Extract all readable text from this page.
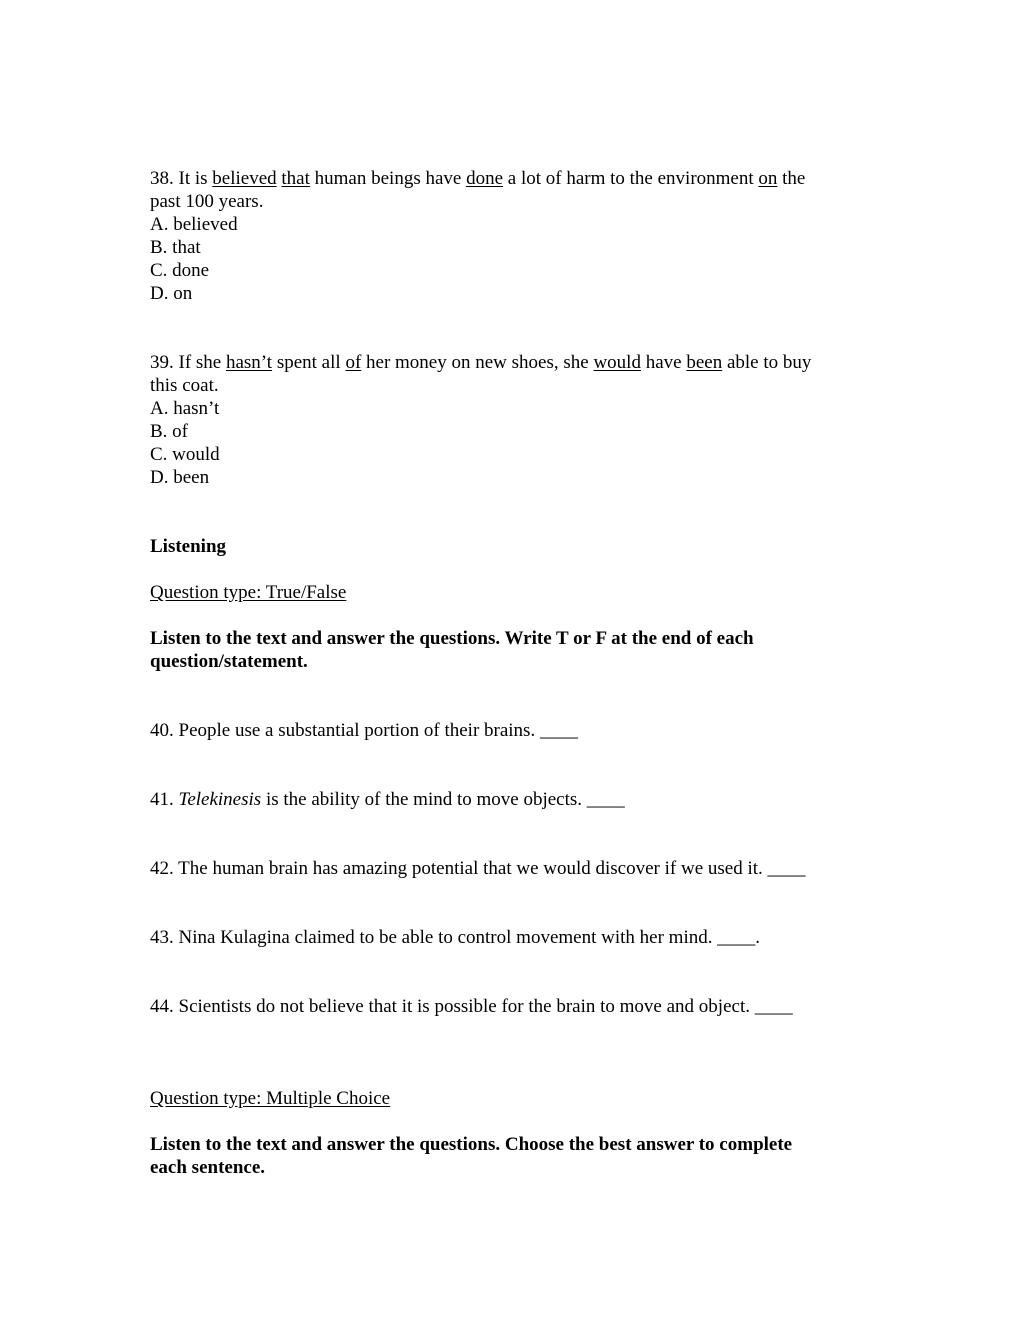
38. It is believed that human beings have done a lot of harm to the environment on the
past 100 years.
A. believed
B. that
C. done
D. on
39. If she hasn’t spent all of her money on new shoes, she would have been able to buy
this coat.
A. hasn’t
B. of
C. would
D. been
Listening
Question type: True/False
Listen to the text and answer the questions. Write T or F at the end of each
question/statement.
40. People use a substantial portion of their brains. ____
41. Telekinesis is the ability of the mind to move objects. ____
42. The human brain has amazing potential that we would discover if we used it. ____
43. Nina Kulagina claimed to be able to control movement with her mind. ____.
44. Scientists do not believe that it is possible for the brain to move and object. ____
Question type: Multiple Choice
Listen to the text and answer the questions. Choose the best answer to complete
each sentence.
